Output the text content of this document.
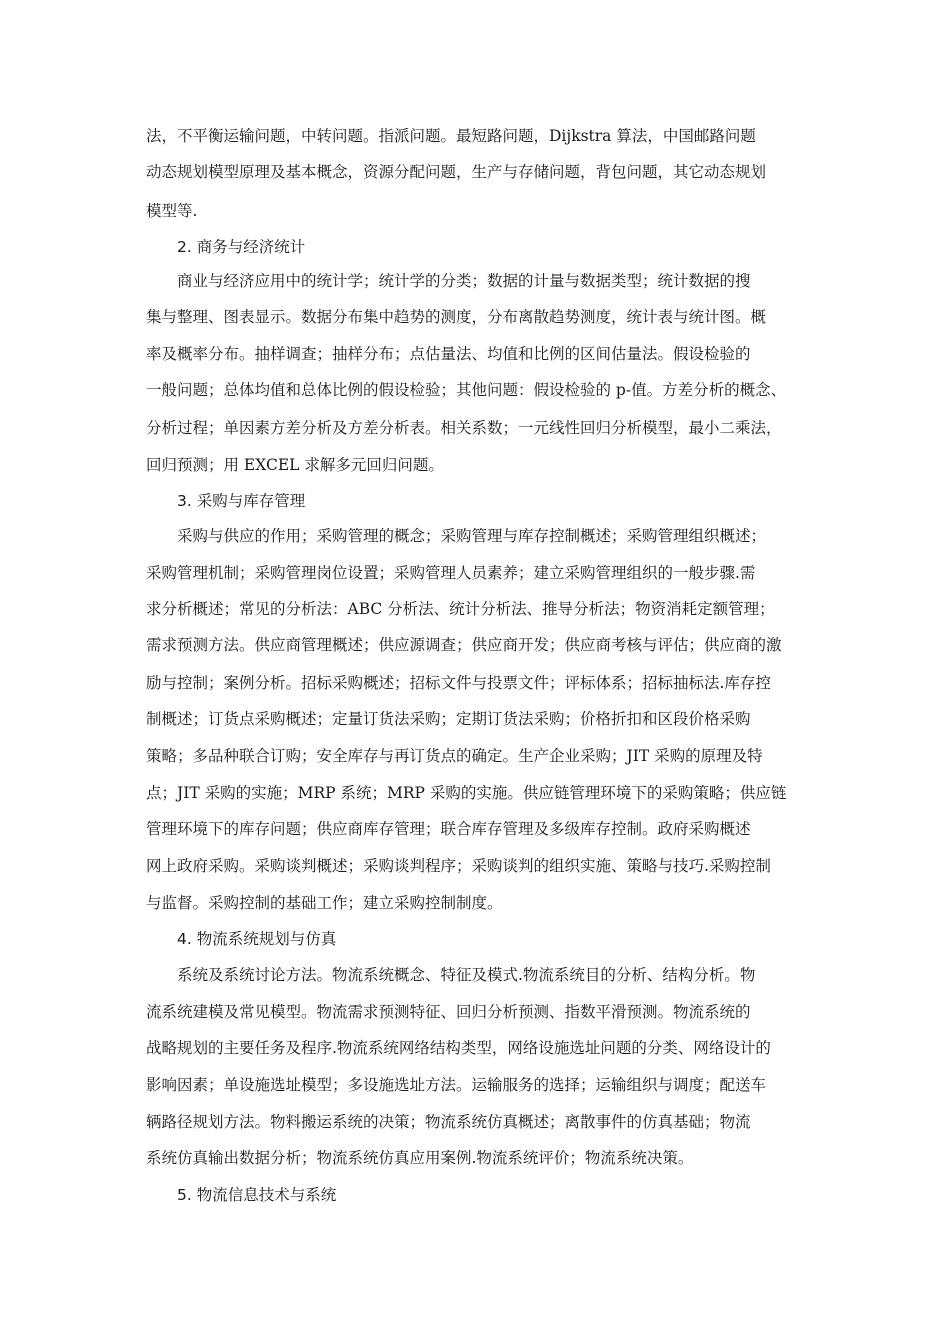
法，不平衡运输问题，中转问题。指派问题。最短路问题，Dijkstra 算法，中国邮路问题
动态规划模型原理及基本概念，资源分配问题，生产与存储问题，背包问题，其它动态规划
模型等.
2. 商务与经济统计
商业与经济应用中的统计学；统计学的分类；数据的计量与数据类型；统计数据的搜
集与整理、图表显示。数据分布集中趋势的测度，分布离散趋势测度，统计表与统计图。概
率及概率分布。抽样调查；抽样分布；点估量法、均值和比例的区间估量法。假设检验的
一般问题；总体均值和总体比例的假设检验；其他问题：假设检验的 p-值。方差分析的概念、
分析过程；单因素方差分析及方差分析表。相关系数；一元线性回归分析模型，最小二乘法，
回归预测；用 EXCEL 求解多元回归问题。
3. 采购与库存管理
采购与供应的作用；采购管理的概念；采购管理与库存控制概述；采购管理组织概述；
采购管理机制；采购管理岗位设置；采购管理人员素养；建立采购管理组织的一般步骤.需
求分析概述；常见的分析法：ABC 分析法、统计分析法、推导分析法；物资消耗定额管理；
需求预测方法。供应商管理概述；供应源调查；供应商开发；供应商考核与评估；供应商的激
励与控制；案例分析。招标采购概述；招标文件与投票文件；评标体系；招标抽标法.库存控
制概述；订货点采购概述；定量订货法采购；定期订货法采购；价格折扣和区段价格采购
策略；多品种联合订购；安全库存与再订货点的确定。生产企业采购；JIT 采购的原理及特
点；JIT 采购的实施；MRP 系统；MRP 采购的实施。供应链管理环境下的采购策略；供应链
管理环境下的库存问题；供应商库存管理；联合库存管理及多级库存控制。政府采购概述
网上政府采购。采购谈判概述；采购谈判程序；采购谈判的组织实施、策略与技巧.采购控制
与监督。采购控制的基础工作；建立采购控制制度。
4. 物流系统规划与仿真
系统及系统讨论方法。物流系统概念、特征及模式.物流系统目的分析、结构分析。物
流系统建模及常见模型。物流需求预测特征、回归分析预测、指数平滑预测。物流系统的
战略规划的主要任务及程序.物流系统网络结构类型，网络设施选址问题的分类、网络设计的
影响因素；单设施选址模型；多设施选址方法。运输服务的选择；运输组织与调度；配送车
辆路径规划方法。物料搬运系统的决策；物流系统仿真概述；离散事件的仿真基础；物流
系统仿真输出数据分析；物流系统仿真应用案例.物流系统评价；物流系统决策。
5. 物流信息技术与系统
